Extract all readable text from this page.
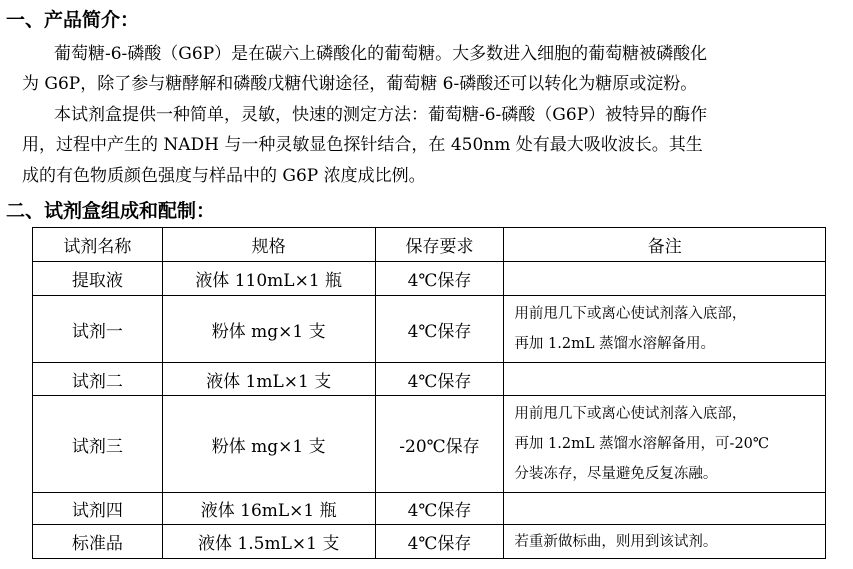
一、产品简介：
葡萄糖-6-磷酸（G6P）是在碳六上磷酸化的葡萄糖。大多数进入细胞的葡萄糖被磷酸化
为 G6P，除了参与糖酵解和磷酸戊糖代谢途径，葡萄糖 6-磷酸还可以转化为糖原或淀粉。
本试剂盒提供一种简单，灵敏，快速的测定方法：葡萄糖-6-磷酸（G6P）被特异的酶作
用，过程中产生的 NADH 与一种灵敏显色探针结合，在 450nm 处有最大吸收波长。其生
成的有色物质颜色强度与样品中的 G6P 浓度成比例。
二、试剂盒组成和配制：
试剂名称	规格	保存要求	备注
提取液	液体 110mL×1 瓶	4℃保存	
试剂一	粉体 mg×1 支	4℃保存	用前甩几下或离心使试剂落入底部，
再加 1.2mL 蒸馏水溶解备用。

试剂二	液体 1mL×1 支	4℃保存	
试剂三	粉体 mg×1 支	-20℃保存	用前甩几下或离心使试剂落入底部，
再加 1.2mL 蒸馏水溶解备用，可-20℃
分装冻存，尽量避免反复冻融。

试剂四	液体 16mL×1 瓶	4℃保存	
标准品	液体 1.5mL×1 支	4℃保存	若重新做标曲，则用到该试剂。
